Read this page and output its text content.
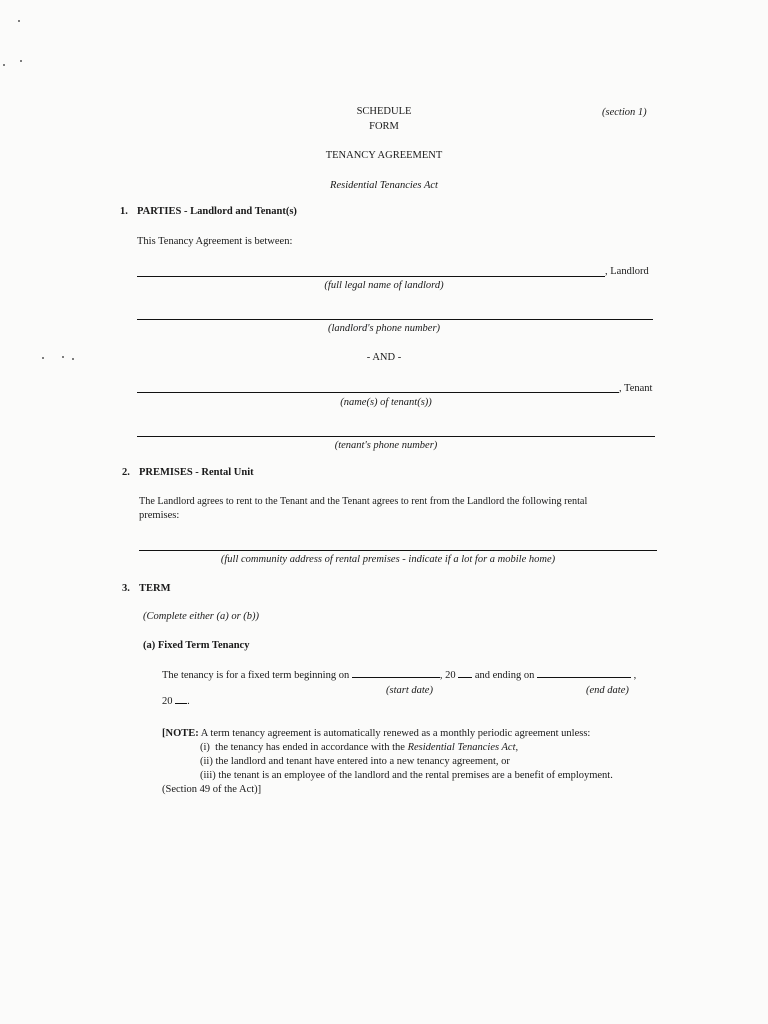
SCHEDULE
FORM
(section 1)
TENANCY AGREEMENT
Residential Tenancies Act
1. PARTIES - Landlord and Tenant(s)
This Tenancy Agreement is between:
, Landlord
(full legal name of landlord)
(landlord's phone number)
- AND -
, Tenant
(name(s) of tenant(s))
(tenant's phone number)
2. PREMISES - Rental Unit
The Landlord agrees to rent to the Tenant and the Tenant agrees to rent from the Landlord the following rental
premises:
(full community address of rental premises - indicate if a lot for a mobile home)
3. TERM
(Complete either (a) or (b))
(a) Fixed Term Tenancy
The tenancy is for a fixed term beginning on	, 20 and ending on	,
(start date)	(end date)
20 .
[NOTE: A term tenancy agreement is automatically renewed as a monthly periodic agreement unless:
(i) the tenancy has ended in accordance with the Residential Tenancies Act,
(ii) the landlord and tenant have entered into a new tenancy agreement, or
(iii) the tenant is an employee of the landlord and the rental premises are a benefit of employment.
(Section 49 of the Act)]
